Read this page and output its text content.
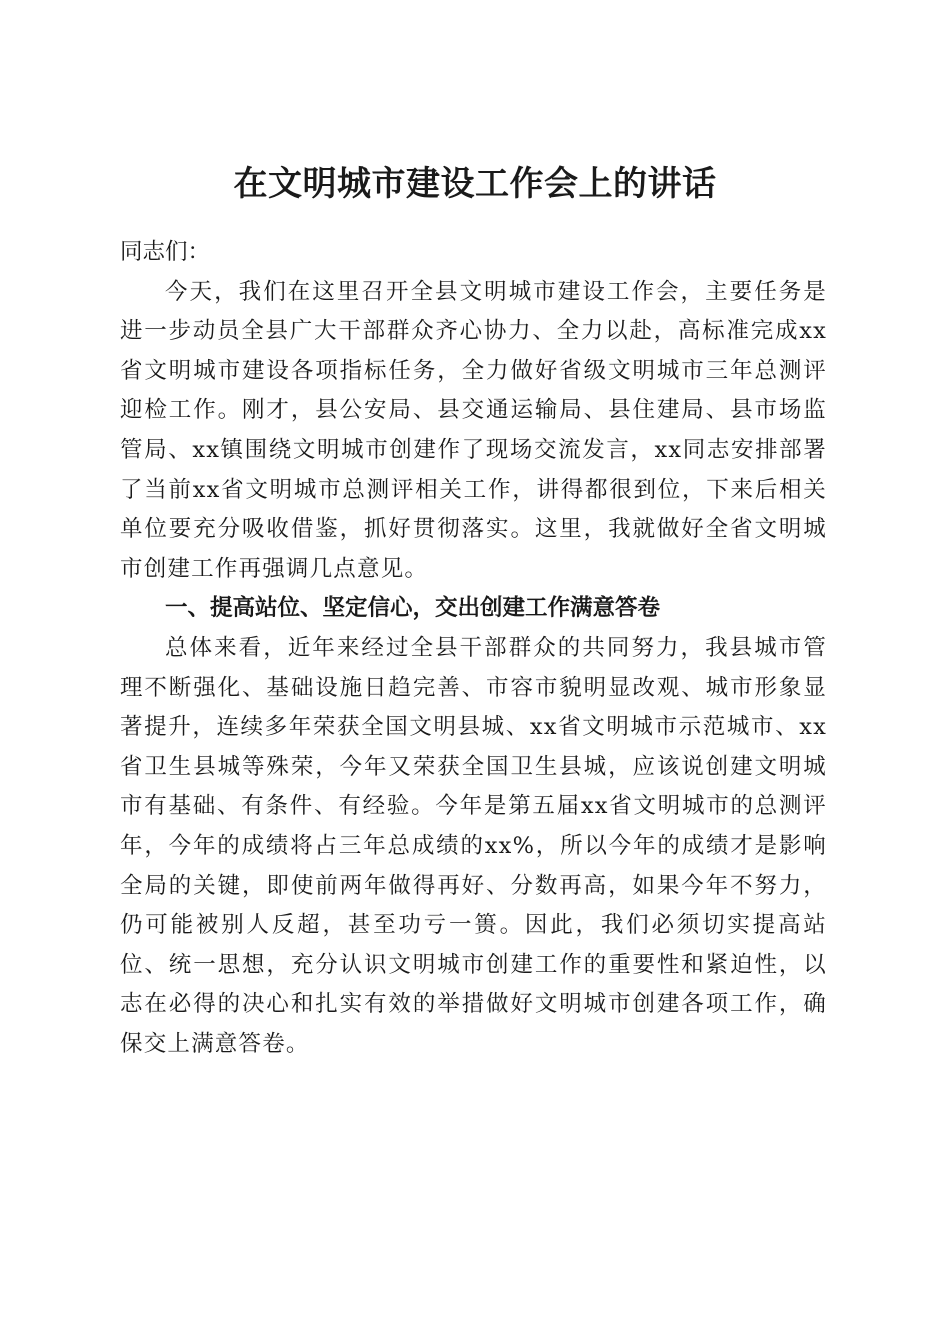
在文明城市建设工作会上的讲话

同志们：

今天，我们在这里召开全县文明城市建设工作会，主要任务是进一步动员全县广大干部群众齐心协力、全力以赴，高标准完成xx省文明城市建设各项指标任务，全力做好省级文明城市三年总测评迎检工作。刚才，县公安局、县交通运输局、县住建局、县市场监管局、xx镇围绕文明城市创建作了现场交流发言，xx同志安排部署了当前xx省文明城市总测评相关工作，讲得都很到位，下来后相关单位要充分吸收借鉴，抓好贯彻落实。这里，我就做好全省文明城市创建工作再强调几点意见。

一、提高站位、坚定信心，交出创建工作满意答卷

总体来看，近年来经过全县干部群众的共同努力，我县城市管理不断强化、基础设施日趋完善、市容市貌明显改观、城市形象显著提升，连续多年荣获全国文明县城、xx省文明城市示范城市、xx省卫生县城等殊荣，今年又荣获全国卫生县城，应该说创建文明城市有基础、有条件、有经验。今年是第五届xx省文明城市的总测评年，今年的成绩将占三年总成绩的xx%，所以今年的成绩才是影响全局的关键，即使前两年做得再好、分数再高，如果今年不努力，仍可能被别人反超，甚至功亏一篑。因此，我们必须切实提高站位、统一思想，充分认识文明城市创建工作的重要性和紧迫性，以志在必得的决心和扎实有效的举措做好文明城市创建各项工作，确保交上满意答卷。
